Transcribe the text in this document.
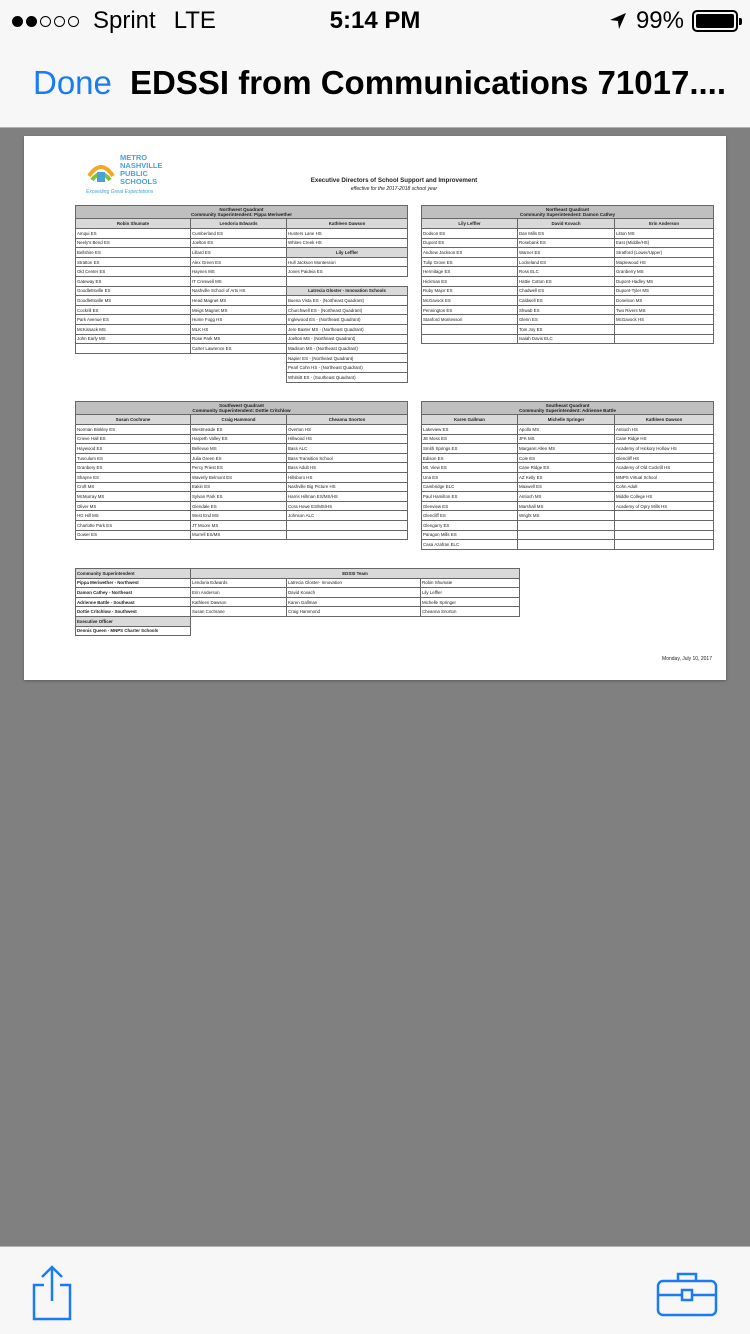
Sprint LTE	5:14 PM	99%
Done EDSSI from Communications 71017....
METRO
NASHVILLE
PUBLIC
SCHOOLS
Exceeding Great Expectations
Executive Directors of School Support and Improvement
effective for the 2017-2018 school year
Northwest Quadrant
Community Superintendent: Pippa Meriwether		

Robin Shumate	Lendoria Edwards	Kathleen Dawson
Amqui ES	Cumberland ES	Hunters Lane HS
Neely's Bend ES	Joelton ES	Whites Creek HS
Bellshire ES	Lillard ES	Lily Leffler
Stratton ES	Alex Green ES	Hull Jackson Montessori
Old Center ES	Haynes MS	Jones Paideia ES
Gateway ES	IT Creswell MS	
Goodlettsville ES	Nashville School of Arts HS	Latrecia Gloster - Innovation Schools
Goodlettsville MS	Head Magnet MS	Buena Vista ES - (Northeast Quadrant)
Cockrill ES	Meigs Magnet MS	Churchwell ES - (Northeast Quadrant)
Park Avenue ES	Hume Fogg HS	Inglewood ES - (Northeast Quadrant)
McKissack MS	MLK HS	Jere Baxter MS - (Northeast Quadrant)
John Early MS	Rose Park MS	Joelton MS - (Northeast Quadrant)
	Carter Lawrence ES	Madison MS - (Northeast Quadrant)
		Napier ES - (Northeast Quadrant)
		Pearl Cohn HS - (Northeast Quadrant)
		Whitsitt ES - (Southeast Quadrant)
Northeast Quadrant
Community Superintendent: Damon Cathey		

Lily Leffler	David Kovach	Erin Anderson
Dodson ES	Dan Mills ES	Litton MS
Dupont ES	Rosebank ES	East (Middle/HS)
Andrew Jackson ES	Warner ES	Stratford (Lower/Upper)
Tulip Grove ES	Lockeland ES	Maplewood HS
Hermitage ES	Ross ELC	Granberry MS
Hickman ES	Hattie Cotton ES	Dupont-Hadley MS
Ruby Major ES	Chadwell ES	Dupont-Tyler MS
McGavock ES	Caldwell ES	Donelson MS
Pennington ES	Shwab ES	Two Rivers MS
Stanford Montessori	Glenn ES	McGavock HS
	Tom Joy ES	
	Isaiah Davis ELC	
Southwest Quadrant
Community Superintendent: Dottie Critchlow		

Susan Cochrane	Craig Hammond	Cheanna Snorton
Norman Binkley ES	Westmeade ES	Overton HS
Crieve Hall ES	Harpeth Valley ES	Hillwood HS
Haywood ES	Bellevue MS	Bass ALC
Tusculum ES	Julia Green ES	Bass Transition School
Granbery ES	Percy Priest ES	Bass Adult HS
Shayne ES	Waverly Belmont ES	Hillsboro HS
Croft MS	Eakin ES	Nashville Big Picture HS
McMurray MS	Sylvan Park ES	Harris Hillman ES/MS/HS
Oliver MS	Glendale ES	Cora Howe ES/MS/HS
HG Hill MS	West End MS	Johnson ALC
Charlotte Park ES	JT Moore MS	
Gower ES	Murrell ES/MS	
Southeast Quadrant
Community Superintendent: Adrienne Battle		

Karen Gallman	Michelle Springer	Kathleen Dawson
Lakeview ES	Apollo MS	Antioch HS
JE Moss ES	JFK MS	Cane Ridge HS
Smith Springs ES	Margaret Allen MS	Academy of Hickory Hollow HS
Edison ES	Cole ES	Glencliff HS
Mt. View ES	Cane Ridge ES	Academy of Old Cockrill HS
Una ES	AZ Kelly ES	MNPS Virtual School
Cambridge ELC	Maxwell ES	Cohn Adult
Paul Hamilton ES	Antioch MS	Middle College HS
Glenview ES	Marshall MS	Academy of Opry Mills HS
Glencliff ES	Wright MS	
Glengarry ES		
Paragon Mills ES		
Casa Azafran ELC		
Community Superintendent	EDSSI Team		
Pippa Meriwether - Northwest	Lendoria Edwards	Latrecia Gloster- Innovation	Robin Shumate
Damon Cathey - Northeast	Erin Anderson	David Kovach	Lily Leffler
Adrienne Battle - Southeast	Kathleen Dawson	Karen Gallman	Michelle Springer
Dottie Critchlow - Southwest	Susan Cochrane	Craig Hammond	Cheanna Snorton
Executive Officer			
Dennis Queen - MNPS Charter Schools			
Monday, July 10, 2017
